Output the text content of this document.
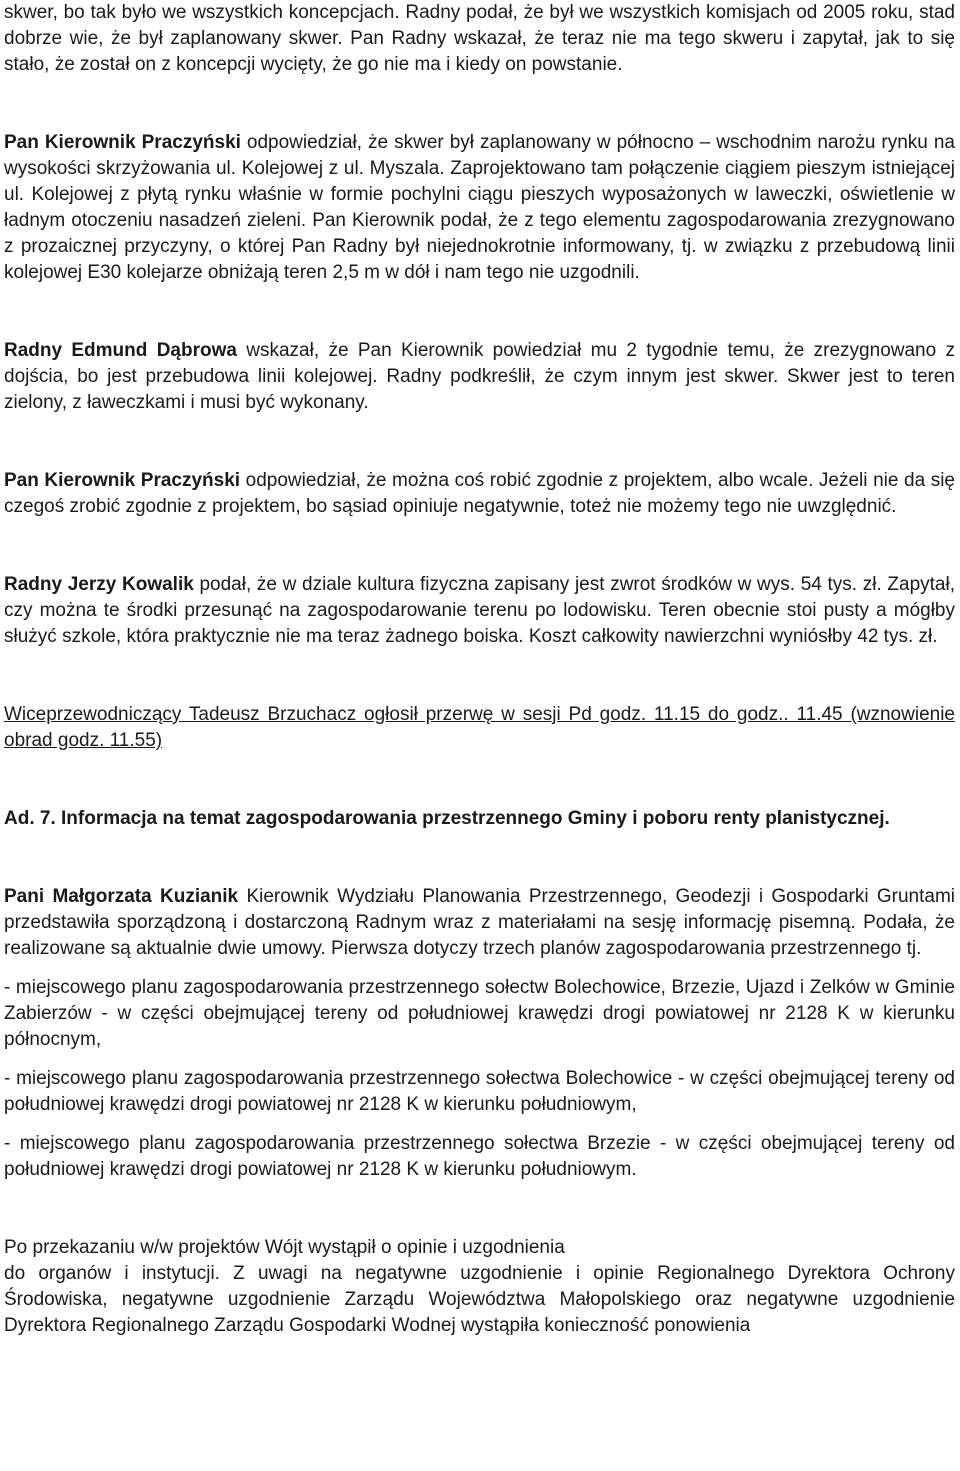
skwer, bo tak było we wszystkich koncepcjach. Radny podał, że był we wszystkich komisjach od 2005 roku, stad dobrze wie, że był zaplanowany skwer. Pan Radny wskazał, że teraz nie ma tego skweru i zapytał, jak to się stało, że został on z koncepcji wycięty, że go nie ma i kiedy on powstanie.

Pan Kierownik Praczyński odpowiedział, że skwer był zaplanowany w północno – wschodnim narożu rynku na wysokości skrzyżowania ul. Kolejowej z ul. Myszala. Zaprojektowano tam połączenie ciągiem pieszym istniejącej ul. Kolejowej z płytą rynku właśnie w formie pochylni ciągu pieszych wyposażonych w laweczki, oświetlenie w ładnym otoczeniu nasadzeń zieleni. Pan Kierownik podał, że z tego elementu zagospodarowania zrezygnowano z prozaicznej przyczyny, o której Pan Radny był niejednokrotnie informowany, tj. w związku z przebudową linii kolejowej E30 kolejarze obniżają teren 2,5 m w dół i nam tego nie uzgodnili.

Radny Edmund Dąbrowa wskazał, że Pan Kierownik powiedział mu 2 tygodnie temu, że zrezygnowano z dojścia, bo jest przebudowa linii kolejowej. Radny podkreślił, że czym innym jest skwer. Skwer jest to teren zielony, z ławeczkami i musi być wykonany.

Pan Kierownik Praczyński odpowiedział, że można coś robić zgodnie z projektem, albo wcale. Jeżeli nie da się czegoś zrobić zgodnie z projektem, bo sąsiad opiniuje negatywnie, toteż nie możemy tego nie uwzględnić.

Radny Jerzy Kowalik podał, że w dziale kultura fizyczna zapisany jest zwrot środków w wys. 54 tys. zł. Zapytał, czy można te środki przesunąć na zagospodarowanie terenu po lodowisku. Teren obecnie stoi pusty a mógłby służyć szkole, która praktycznie nie ma teraz żadnego boiska. Koszt całkowity nawierzchni wyniósłby 42 tys. zł.

Wiceprzewodniczący Tadeusz Brzuchacz ogłosił przerwę w sesji Pd godz. 11.15 do godz.. 11.45 (wznowienie obrad godz. 11.55)

Ad. 7. Informacja na temat zagospodarowania przestrzennego Gminy i poboru renty planistycznej.

Pani Małgorzata Kuzianik Kierownik Wydziału Planowania Przestrzennego, Geodezji i Gospodarki Gruntami przedstawiła sporządzoną i dostarczoną Radnym wraz z materiałami na sesję informację pisemną. Podała, że realizowane są aktualnie dwie umowy. Pierwsza dotyczy trzech planów zagospodarowania przestrzennego tj.

- miejscowego planu zagospodarowania przestrzennego sołectw Bolechowice, Brzezie, Ujazd i Zelków w Gminie Zabierzów - w części obejmującej tereny od południowej krawędzi drogi powiatowej nr 2128 K w kierunku północnym,

- miejscowego planu zagospodarowania przestrzennego sołectwa Bolechowice - w części obejmującej tereny od południowej krawędzi drogi powiatowej nr 2128 K w kierunku południowym,

- miejscowego planu zagospodarowania przestrzennego sołectwa Brzezie - w części obejmującej tereny od południowej krawędzi drogi powiatowej nr 2128 K w kierunku południowym.

Po przekazaniu w/w projektów Wójt wystąpił o opinie i uzgodnienia

do organów i instytucji. Z uwagi na negatywne uzgodnienie i opinie Regionalnego Dyrektora Ochrony Środowiska, negatywne uzgodnienie Zarządu Województwa Małopolskiego oraz negatywne uzgodnienie Dyrektora Regionalnego Zarządu Gospodarki Wodnej wystąpiła konieczność ponowienia
